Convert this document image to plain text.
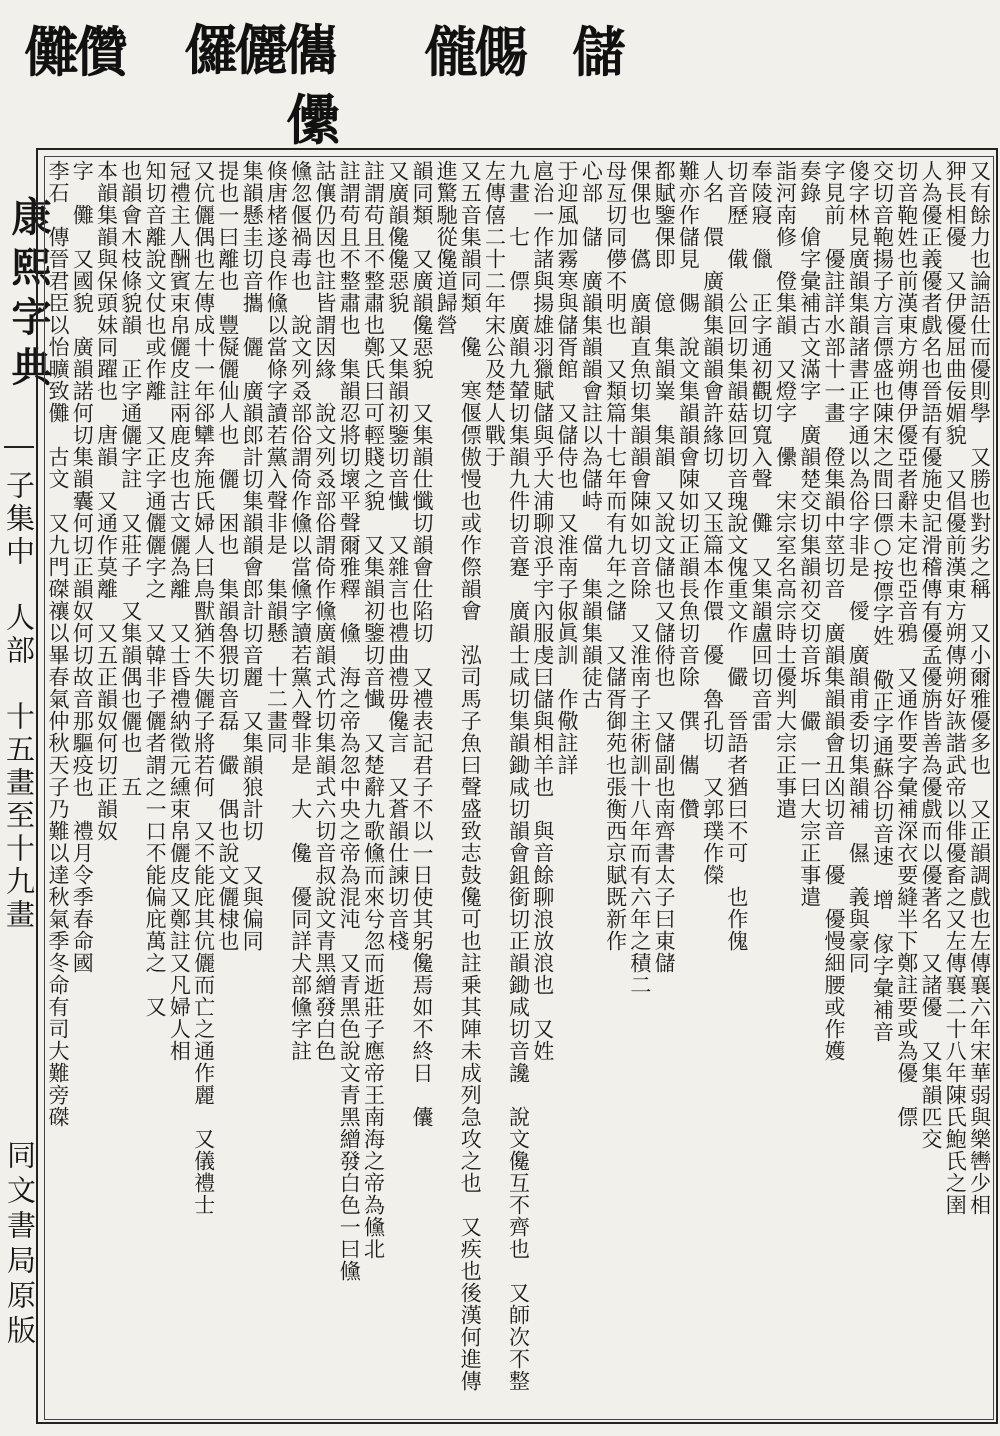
儺儹 儸儷儶
儽
儱儩 儲
康熙字典
子集中　人部　十五畫至十九畫
同文書局原版
又有餘力也論語仕而優則學　又勝也對劣之稱　又小爾雅優多也　又正韻調戲也左傳襄六年宋華弱與樂轡少相
狎長相優　又伊優屈曲佞媚貌　又倡優前漢東方朔傳朔好詼諧武帝以俳優畜之又左傳襄二十八年陳氏鮑氏之圉
人為優正義優者戲名也晉語有優施史記滑稽傳有優孟優旃皆善為優戲而以優著名　又諸優　又集韻匹交
切音鞄姓也前漢東方朔傳伊優亞者辭未定也亞音鴉　又通作要字彙補深衣要縫半下鄭註要或為優　僄
交切音鞄揚子方言僄盛也陳宋之間曰僄○按僄字姓　儆正字通蘇谷切音速　增　傢字彙補音
傻字林見廣韻集韻諸書正字通以為俗字非是　僾　廣韻甫委切集韻補　儑　義與豪同
字見前　優註詳水部十一畫　僜集韻中莖切音　廣韻集韻韻會丑凶切音　優　優慢細腰或作嬳
奏錄　傖字彙補古文滿字　廣韻楚交切集韻初交切音坼　儼　一曰大宗正事遣
詣河南修　僜集韻　又燈字　儽　宋宗室名高宗時士優判大宗正事遣
奉陵寢　儠　正字通初觀切寬入聲　儺　又集韻盧回切音雷
切音歷　傤　公回切集韻菇回切音瑰說文傀重文作　儼　晉語者猶曰不可　也作傀
人名　儇　廣韻集韻韻會許緣切　又玉篇本作儇　優　魯孔切　又郭璞作儝
難亦作儲見　儩　說文集韻韻會陳如切正韻長魚切音除　僎　儶　儹
都賦鑒倮即　億　集韻嶪　集韻　又說文儲也又儲偫也　又儲副也南齊書太子曰東儲
倮倮也　儰　廣韻直魚切集韻韻會陳如切音除　又淮南子主術訓十八年而有六年之積二
母亙切同儚不明也　又類篇十七年而有九年之儲　又儲胥御苑也張衡西京賦既新作
心部　儲　廣韻集韻韻會註以為儲峙　儅　集韻集韻徒古
于迎風加霧寒與儲胥館　又儲侍也　又淮南子俶眞訓　作儆註詳
扈治一作諸與揚雄羽獵賦儲與乎大浦聊浪乎宇內服虔曰儲與相羊也　與音餘聊浪放浪也　又姓
九畫　七　僄　廣韻九輦切集韻九件切音蹇　廣韻士咸切集韻鋤咸切韻會鉏銜切正韻鋤咸切音讒　說文儳互不齊也　又師次不整左傳僖二十二年宋公及楚人戰于
又五音集韻同類　儳　寒偃僄傲慢也或作傺韻會　泓司馬子魚曰聲盛致志鼓儳可也註乗其陣未成列急攻之也　又疾也後漢何進傳進驚馳從儳道歸營
韻同類　又廣韻儳惡貌　又集韻仕懺切韻會仕陷切　又禮表記君子不以一日使其躬儳焉如不終日　儾
又廣韻儳儳惡貌　又集韻初鑒切音懴　又雜言也禮曲禮毋儳言　又蒼韻仕諫切音棧
註謂苟且不整肅也鄭氏曰可輕賤之貌　又集韻初鑒切音懴　又楚辭九歌儵而來兮忽而逝莊子應帝王南海之帝為儵北
註謂苟且不整肅也　集韻忍將切壞平聲爾雅釋　儵　海之帝為忽中央之帝為混沌　又青黑色說文青黑繒發白色一曰儵
詁儴仍因也註皆謂因緣　說文列叒部俗謂倚作儵廣韻式竹切集韻式六切音叔說文青黑繒發白色
儵忽偃禍毒也　說文列叒部俗謂倚作儵以當儵字讀若黨入聲非是　大　儳　優同詳犬部儵字註
倏唐楮遂良作儵以當條字讀若黨入聲非是　集韻懸　十二畫同
集韻懸圭切音攜　儷　廣韻郎計切集韻韻會郎計切音麗　又集韻狼計切　又與偏同
提也一曰離也　豐儗儷仙人也　儷　困也　集韻魯猥切音磊　儼　偶也說文儷棣也
又伉儷偶也左傳成十一年郤犫奔施氏婦人曰鳥獸猶不失儷子將若何　又不能庇其伉儷而亡之通作麗　又儀禮士
冠禮主人酬賓束帛儷皮註兩鹿皮也古文儷為離　又士昏禮納徵元纁束帛儷皮又鄭註又凡婦人相
知切音離說文仗也或作離　又正字通儷儷字之　又韓非子儷者謂之一口不能偏庇萬之　又
也韻會木枝條貌韻　正字通儷字註　又莊子　又集韻偶也儷也　五
本韻集韻與保頭妹同躍也　唐韻　又通作莫離　又五正韻奴何切正韻奴
字　儺　又國貌　廣韻諾何切集韻囊何切正韻奴何切故音那驅疫也　禮月令季春命國
李石　傳晉君臣以怡曠致儺　古文　又九門磔禳以畢春氣仲秋天子乃難以達秋氣季冬命有司大難旁磔
